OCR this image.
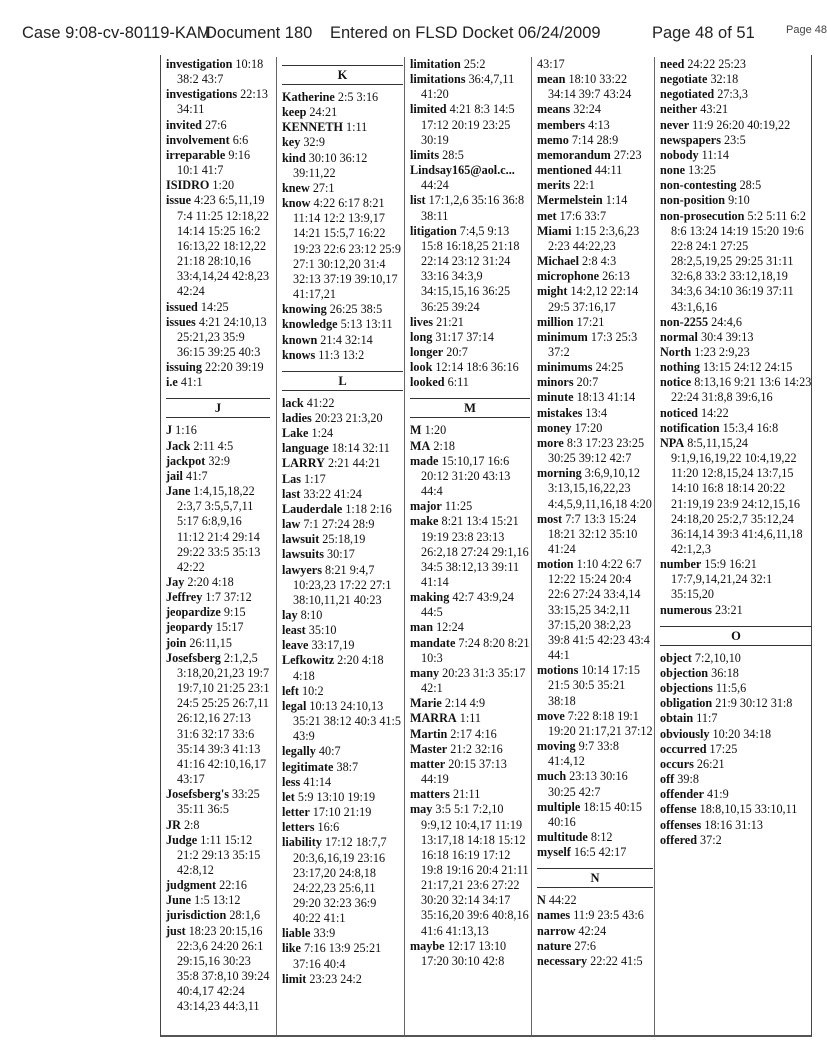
Case 9:08-cv-80119-KAM
Document 180 Entered on FLSD Docket 06/24/2009	Page 48 of 51	Page 48
investigation 10:18 38:2 43:7
investigations 22:13 34:11
invited 27:6
involvement 6:6
irreparable 9:16 10:1 41:7
ISIDRO 1:20
issue 4:23 6:5,11,19 7:4 11:25 12:18,22 14:14 15:25 16:2 16:13,22 18:12,22 21:18 28:10,16 33:4,14,24 42:8,23 42:24
issued 14:25
issues 4:21 24:10,13 25:21,23 35:9 36:15 39:25 40:3
issuing 22:20 39:19
i.e 41:1
J
J 1:16
Jack 2:11 4:5
jackpot 32:9
jail 41:7
Jane 1:4,15,18,22 2:3,7 3:5,5,7,11 5:17 6:8,9,16 11:12 21:4 29:14 29:22 33:5 35:13 42:22
Jay 2:20 4:18
Jeffrey 1:7 37:12
jeopardize 9:15
jeopardy 15:17
join 26:11,15
Josefsberg 2:1,2,5 3:18,20,21,23 19:7 19:7,10 21:25 23:1 24:5 25:25 26:7,11 26:12,16 27:13 31:6 32:17 33:6 35:14 39:3 41:13 41:16 42:10,16,17 43:17
Josefsberg's 33:25 35:11 36:5
JR 2:8
Judge 1:11 15:12 21:2 29:13 35:15 42:8,12
judgment 22:16
June 1:5 13:12
jurisdiction 28:1,6
just 18:23 20:15,16 22:3,6 24:20 26:1 29:15,16 30:23 35:8 37:8,10 39:24 40:4,17 42:24 43:14,23 44:3,11
K
Katherine 2:5 3:16
keep 24:21
KENNETH 1:11
key 32:9
kind 30:10 36:12 39:11,22
knew 27:1
know 4:22 6:17 8:21 11:14 12:2 13:9,17 14:21 15:5,7 16:22 19:23 22:6 23:12 25:9 27:1 30:12,20 31:4 32:13 37:19 39:10,17 41:17,21
knowing 26:25 38:5
knowledge 5:13 13:11
known 21:4 32:14
knows 11:3 13:2
L
lack 41:22
ladies 20:23 21:3,20
Lake 1:24
language 18:14 32:11
LARRY 2:21 44:21
Las 1:17
last 33:22 41:24
Lauderdale 1:18 2:16
law 7:1 27:24 28:9
lawsuit 25:18,19
lawsuits 30:17
lawyers 8:21 9:4,7 10:23,23 17:22 27:1 38:10,11,21 40:23
lay 8:10
least 35:10
leave 33:17,19
Lefkowitz 2:20 4:18 4:18
left 10:2
legal 10:13 24:10,13 35:21 38:12 40:3 41:5 43:9
legally 40:7
legitimate 38:7
less 41:14
let 5:9 13:10 19:19
letter 17:10 21:19
letters 16:6
liability 17:12 18:7,7 20:3,6,16,19 23:16 23:17,20 24:8,18 24:22,23 25:6,11 29:20 32:23 36:9 40:22 41:1
liable 33:9
like 7:16 13:9 25:21 37:16 40:4
limit 23:23 24:2
limitation 25:2
limitations 36:4,7,11 41:20
limited 4:21 8:3 14:5 17:12 20:19 23:25 30:19
limits 28:5
Lindsay165@aol.c... 44:24
list 17:1,2,6 35:16 36:8 38:11
litigation 7:4,5 9:13 15:8 16:18,25 21:18 22:14 23:12 31:24 33:16 34:3,9 34:15,15,16 36:25 36:25 39:24
lives 21:21
long 31:17 37:14
longer 20:7
look 12:14 18:6 36:16
looked 6:11
M
M 1:20
MA 2:18
made 15:10,17 16:6 20:12 31:20 43:13 44:4
major 11:25
make 8:21 13:4 15:21 19:19 23:8 23:13 26:2,18 27:24 29:1,16 34:5 38:12,13 39:11 41:14
making 42:7 43:9,24 44:5
man 12:24
mandate 7:24 8:20 8:21 10:3
many 20:23 31:3 35:17 42:1
Marie 2:14 4:9
MARRA 1:11
Martin 2:17 4:16
Master 21:2 32:16
matter 20:15 37:13 44:19
matters 21:11
may 3:5 5:1 7:2,10 9:9,12 10:4,17 11:19 13:17,18 14:18 15:12 16:18 16:19 17:12 19:8 19:16 20:4 21:11 21:17,21 23:6 27:22 30:20 32:14 34:17 35:16,20 39:6 40:8,16 41:6 41:13,13
maybe 12:17 13:10 17:20 30:10 42:8
43:17
mean 18:10 33:22 34:14 39:7 43:24
means 32:24
members 4:13
memo 7:14 28:9
memorandum 27:23
mentioned 44:11
merits 22:1
Mermelstein 1:14
met 17:6 33:7
Miami 1:15 2:3,6,23 2:23 44:22,23
Michael 2:8 4:3
microphone 26:13
might 14:2,12 22:14 29:5 37:16,17
million 17:21
minimum 17:3 25:3 37:2
minimums 24:25
minors 20:7
minute 18:13 41:14
mistakes 13:4
money 17:20
more 8:3 17:23 23:25 30:25 39:12 42:7
morning 3:6,9,10,12 3:13,15,16,22,23 4:4,5,9,11,16,18 4:20
most 7:7 13:3 15:24 18:21 32:12 35:10 41:24
motion 1:10 4:22 6:7 12:22 15:24 20:4 22:6 27:24 33:4,14 33:15,25 34:2,11 37:15,20 38:2,23 39:8 41:5 42:23 43:4 44:1
motions 10:14 17:15 21:5 30:5 35:21 38:18
move 7:22 8:18 19:1 19:20 21:17,21 37:12
moving 9:7 33:8 41:4,12
much 23:13 30:16 30:25 42:7
multiple 18:15 40:15 40:16
multitude 8:12
myself 16:5 42:17
N
N 44:22
names 11:9 23:5 43:6
narrow 42:24
nature 27:6
necessary 22:22 41:5
need 24:22 25:23
negotiate 32:18
negotiated 27:3,3
neither 43:21
never 11:9 26:20 40:19,22
newspapers 23:5
nobody 11:14
none 13:25
non-contesting 28:5
non-position 9:10
non-prosecution 5:2 5:11 6:2 8:6 13:24 14:19 15:20 19:6 22:8 24:1 27:25 28:2,5,19,25 29:25 31:11 32:6,8 33:2 33:12,18,19 34:3,6 34:10 36:19 37:11 43:1,6,16
non-2255 24:4,6
normal 30:4 39:13
North 1:23 2:9,23
nothing 13:15 24:12 24:15
notice 8:13,16 9:21 13:6 14:23 22:24 31:8,8 39:6,16
noticed 14:22
notification 15:3,4 16:8
NPA 8:5,11,15,24 9:1,9,16,19,22 10:4,19,22 11:20 12:8,15,24 13:7,15 14:10 16:8 18:14 20:22 21:19,19 23:9 24:12,15,16 24:18,20 25:2,7 35:12,24 36:14,14 39:3 41:4,6,11,18 42:1,2,3
number 15:9 16:21 17:7,9,14,21,24 32:1 35:15,20
numerous 23:21
O
object 7:2,10,10
objection 36:18
objections 11:5,6
obligation 21:9 30:12 31:8
obtain 11:7
obviously 10:20 34:18
occurred 17:25
occurs 26:21
off 39:8
offender 41:9
offense 18:8,10,15 33:10,11
offenses 18:16 31:13
offered 37:2
